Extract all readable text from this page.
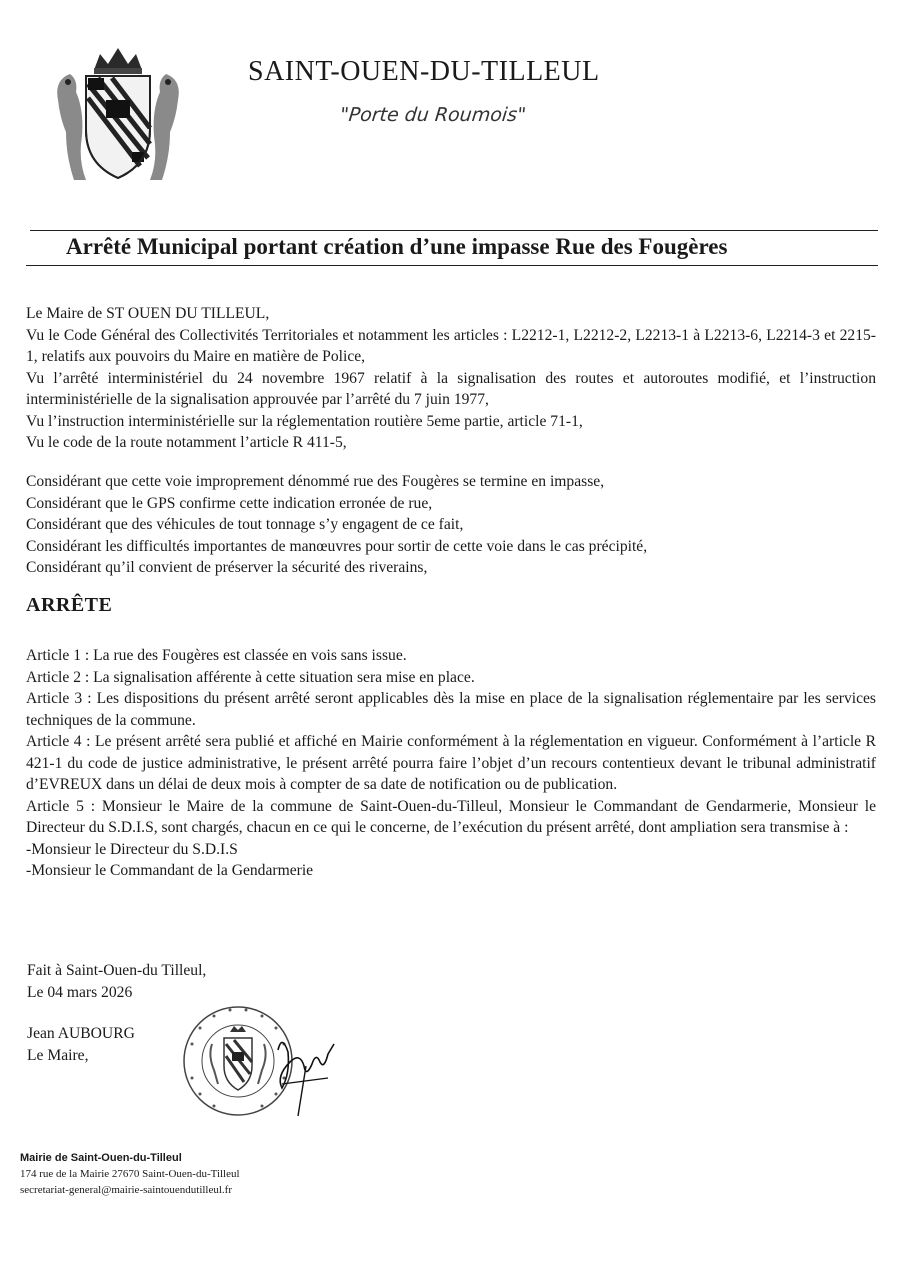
SAINT-OUEN-DU-TILLEUL
"Porte du Roumois"
Arrêté Municipal portant création d’une impasse Rue des Fougères

Le Maire de ST OUEN DU TILLEUL,

Vu le Code Général des Collectivités Territoriales et notamment les articles : L2212-1, L2212-2, L2213-1 à L2213-6, L2214-3 et 2215-1, relatifs aux pouvoirs du Maire en matière de Police,

Vu l’arrêté interministériel du 24 novembre 1967 relatif à la signalisation des routes et autoroutes modifié, et l’instruction interministérielle de la signalisation approuvée par l’arrêté du 7 juin 1977,

Vu l’instruction interministérielle sur la réglementation routière 5eme partie, article 71-1,

Vu le code de la route notamment l’article R 411-5,

Considérant que cette voie improprement dénommé rue des Fougères se termine en impasse,

Considérant que le GPS confirme cette indication erronée de rue,

Considérant que des véhicules de tout tonnage s’y engagent de ce fait,

Considérant les difficultés importantes de manœuvres pour sortir de cette voie dans le cas précipité,

Considérant qu’il convient de préserver la sécurité des riverains,

ARRÊTE

Article 1 : La rue des Fougères est classée en vois sans issue.

Article 2 : La signalisation afférente à cette situation sera mise en place.

Article 3 : Les dispositions du présent arrêté seront applicables dès la mise en place de la signalisation réglementaire par les services techniques de la commune.

Article 4 : Le présent arrêté sera publié et affiché en Mairie conformément à la réglementation en vigueur. Conformément à l’article R 421-1 du code de justice administrative, le présent arrêté pourra faire l’objet d’un recours contentieux devant le tribunal administratif d’EVREUX dans un délai de deux mois à compter de sa date de notification ou de publication.

Article 5 : Monsieur le Maire de la commune de Saint-Ouen-du-Tilleul, Monsieur le Commandant de Gendarmerie, Monsieur le Directeur du S.D.I.S, sont chargés, chacun en ce qui le concerne, de l’exécution du présent arrêté, dont ampliation sera transmise à :

-Monsieur le Directeur du S.D.I.S

-Monsieur le Commandant de la Gendarmerie

Fait à Saint-Ouen-du Tilleul,
Le 04 mars 2026
Jean AUBOURG
Le Maire,
Mairie de Saint-Ouen-du-Tilleul
174 rue de la Mairie 27670 Saint-Ouen-du-Tilleul
secretariat-general@mairie-saintouendutilleul.fr
